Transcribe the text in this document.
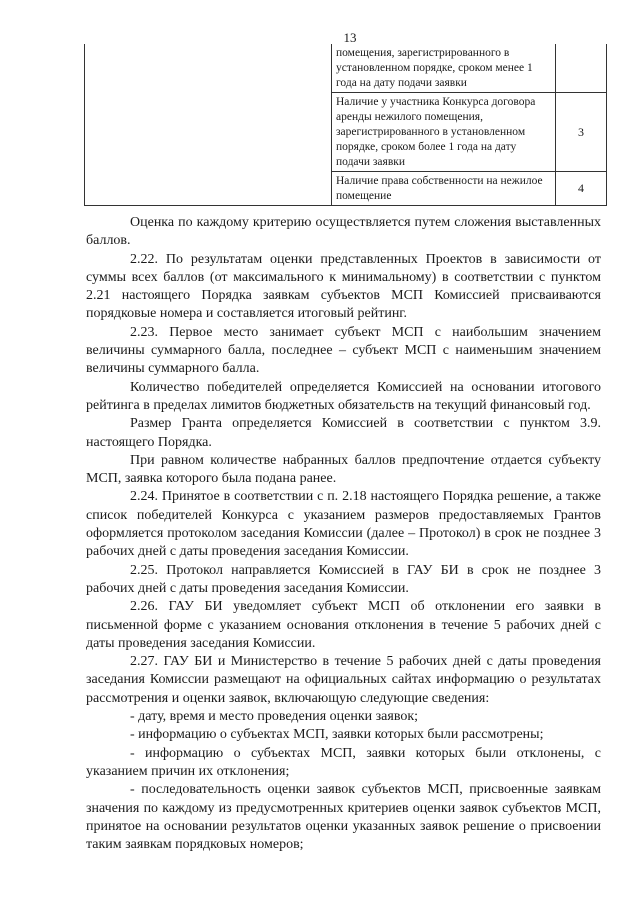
13
	помещения, зарегистрированного в установленном порядке, сроком менее 1 года на дату подачи заявки	
	Наличие у участника Конкурса договора аренды нежилого помещения, зарегистрированного в установленном порядке, сроком более 1 года на дату подачи заявки	3
	Наличие права собственности на нежилое помещение	4

Оценка по каждому критерию осуществляется путем сложения выставленных баллов.

2.22. По результатам оценки представленных Проектов в зависимости от суммы всех баллов (от максимального к минимальному) в соответствии с пунктом 2.21 настоящего Порядка заявкам субъектов МСП Комиссией присваиваются порядковые номера и составляется итоговый рейтинг.

2.23. Первое место занимает субъект МСП с наибольшим значением величины суммарного балла, последнее – субъект МСП с наименьшим значением величины суммарного балла.

Количество победителей определяется Комиссией на основании итогового рейтинга в пределах лимитов бюджетных обязательств на текущий финансовый год.

Размер Гранта определяется Комиссией в соответствии с пунктом 3.9. настоящего Порядка.

При равном количестве набранных баллов предпочтение отдается субъекту МСП, заявка которого была подана ранее.

2.24. Принятое в соответствии с п. 2.18 настоящего Порядка решение, а также список победителей Конкурса с указанием размеров предоставляемых Грантов оформляется протоколом заседания Комиссии (далее – Протокол) в срок не позднее 3 рабочих дней с даты проведения заседания Комиссии.

2.25. Протокол направляется Комиссией в ГАУ БИ в срок не позднее 3 рабочих дней с даты проведения заседания Комиссии.

2.26. ГАУ БИ уведомляет субъект МСП об отклонении его заявки в письменной форме с указанием основания отклонения в течение 5 рабочих дней с даты проведения заседания Комиссии.

2.27. ГАУ БИ и Министерство в течение 5 рабочих дней с даты проведения заседания Комиссии размещают на официальных сайтах информацию о результатах рассмотрения и оценки заявок, включающую следующие сведения:

- дату, время и место проведения оценки заявок;

- информацию о субъектах МСП, заявки которых были рассмотрены;

- информацию о субъектах МСП, заявки которых были отклонены, с указанием причин их отклонения;

- последовательность оценки заявок субъектов МСП, присвоенные заявкам значения по каждому из предусмотренных критериев оценки заявок субъектов МСП, принятое на основании результатов оценки указанных заявок решение о присвоении таким заявкам порядковых номеров;
